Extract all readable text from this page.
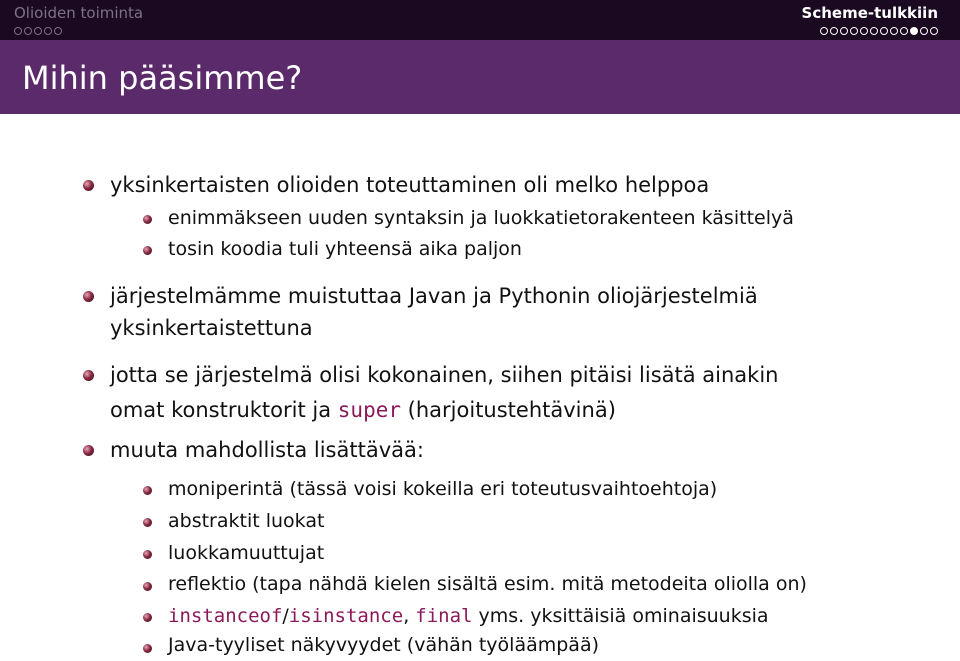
Olioiden toiminta	Scheme-tulkkiin
Mihin pääsimme?
yksinkertaisten olioiden toteuttaminen oli melko helppoa
enimmäkseen uuden syntaksin ja luokkatietorakenteen käsittelyä
tosin koodia tuli yhteensä aika paljon
järjestelmämme muistuttaa Javan ja Pythonin oliojärjestelmiä
yksinkertaistettuna
jotta se järjestelmä olisi kokonainen, siihen pitäisi lisätä ainakin
omat konstruktorit ja super (harjoitustehtävinä)
muuta mahdollista lisättävää:
moniperintä (tässä voisi kokeilla eri toteutusvaihtoehtoja)
abstraktit luokat
luokkamuuttujat
reflektio (tapa nähdä kielen sisältä esim. mitä metodeita oliolla on)
instanceof/isinstance, final yms. yksittäisiä ominaisuuksia
Java-tyyliset näkyvyydet (vähän työläämpää)
